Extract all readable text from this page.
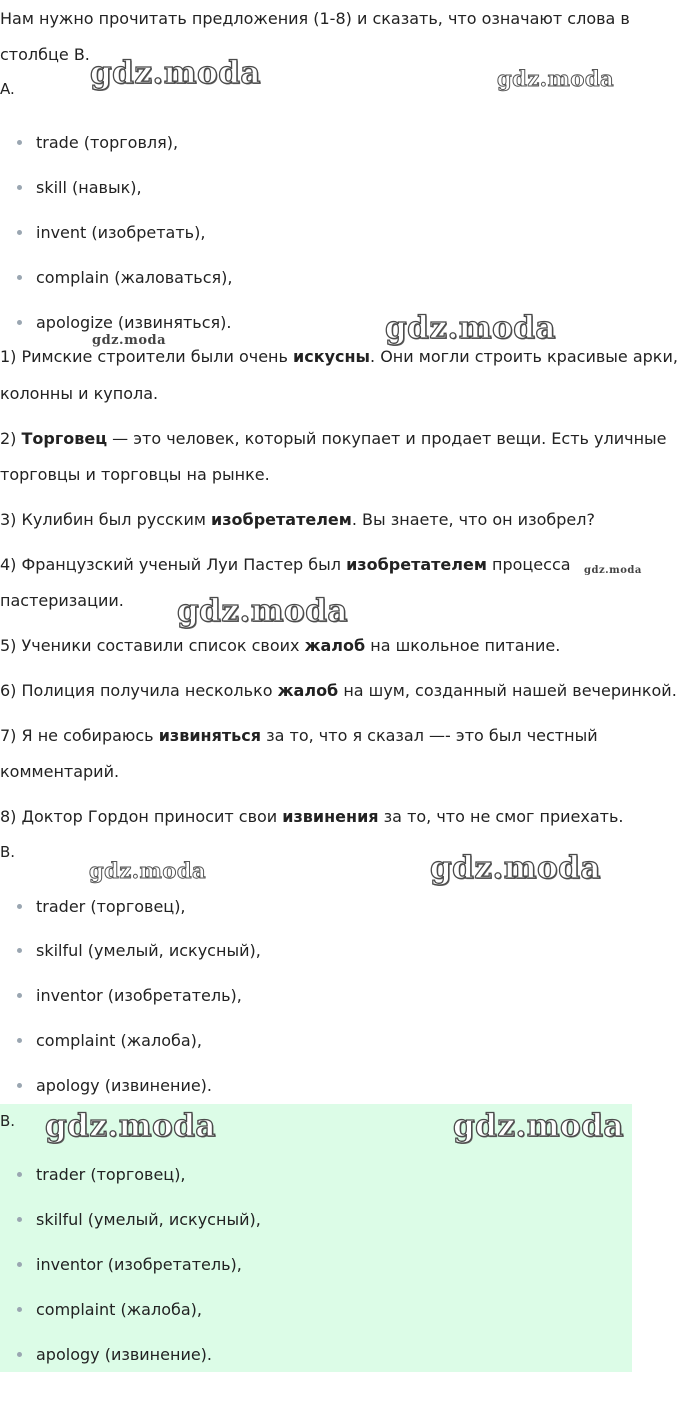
Нам нужно прочитать предложения (1-8) и сказать, что означают слова в
столбце В.
A.
trade (торговля),
skill (навык),
invent (изобретать),
complain (жаловаться),
apologize (извиняться).
1) Римские строители были очень искусны. Они могли строить красивые арки,
колонны и купола.
2) Торговец — это человек, который покупает и продает вещи. Есть уличные
торговцы и торговцы на рынке.
3) Кулибин был русским изобретателем. Вы знаете, что он изобрел?
4) Французский ученый Луи Пастер был изобретателем процесса
пастеризации.
5) Ученики составили список своих жалоб на школьное питание.
6) Полиция получила несколько жалоб на шум, созданный нашей вечеринкой.
7) Я не собираюсь извиняться за то, что я сказал —- это был честный
комментарий.
8) Доктор Гордон приносит свои извинения за то, что не смог приехать.
B.
trader (торговец),
skilful (умелый, искусный),
inventor (изобретатель),
complaint (жалоба),
apology (извинение).
B.
trader (торговец),
skilful (умелый, искусный),
inventor (изобретатель),
complaint (жалоба),
apology (извинение).
gdz.moda	gdz.moda
gdz.moda
gdz.moda
gdz.moda
gdz.moda
gdz.moda	gdz.moda
gdz.moda	gdz.moda
